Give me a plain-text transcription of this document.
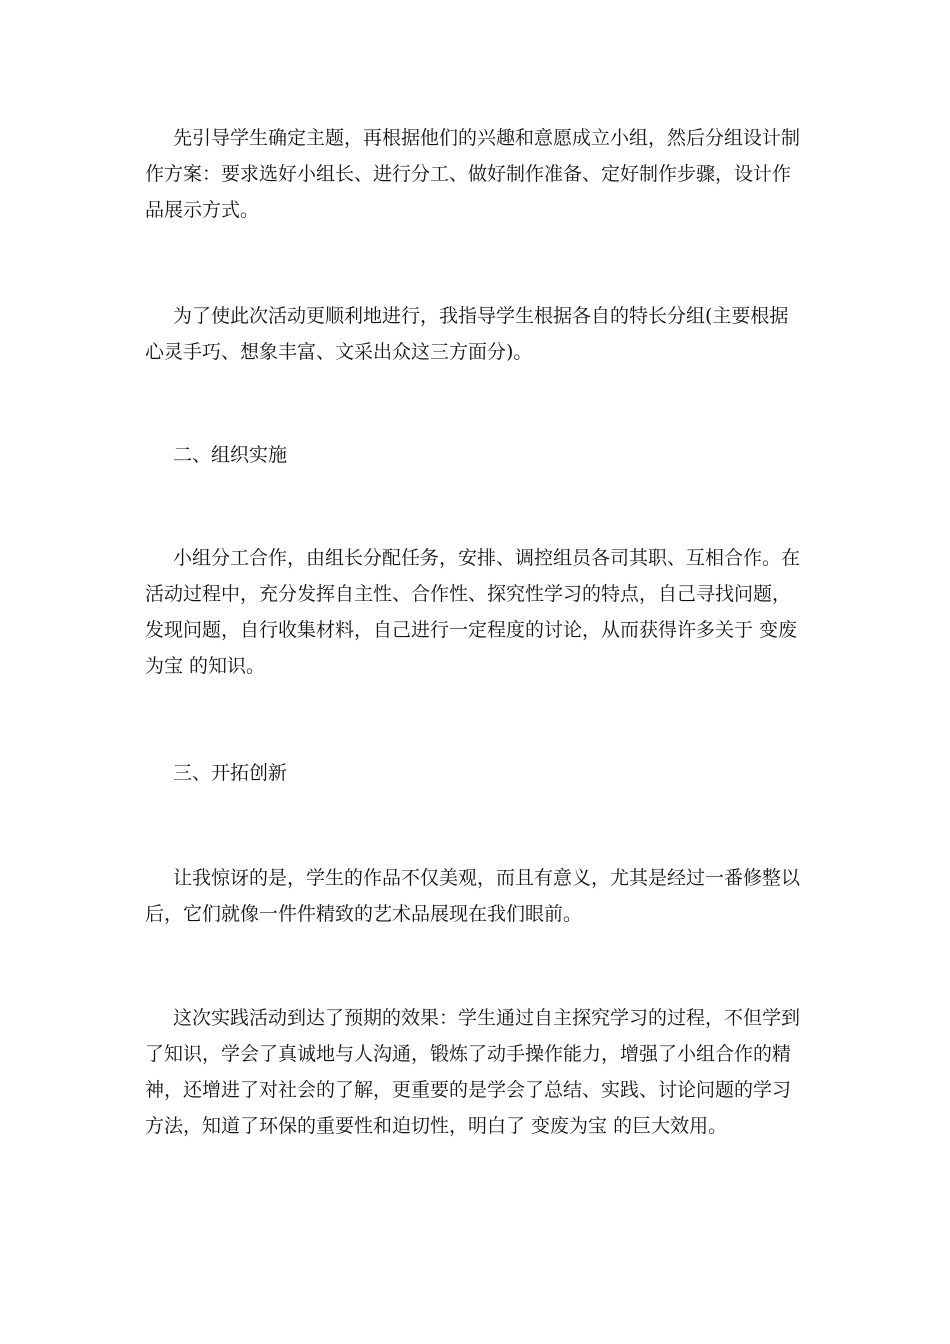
先引导学生确定主题，再根据他们的兴趣和意愿成立小组，然后分组设计制
作方案：要求选好小组长、进行分工、做好制作准备、定好制作步骤，设计作
品展示方式。
为了使此次活动更顺利地进行，我指导学生根据各自的特长分组(主要根据
心灵手巧、想象丰富、文采出众这三方面分)。
二、组织实施
小组分工合作，由组长分配任务，安排、调控组员各司其职、互相合作。在
活动过程中，充分发挥自主性、合作性、探究性学习的特点，自己寻找问题，
发现问题，自行收集材料，自己进行一定程度的讨论，从而获得许多关于 变废
为宝 的知识。
三、开拓创新
让我惊讶的是，学生的作品不仅美观，而且有意义，尤其是经过一番修整以
后，它们就像一件件精致的艺术品展现在我们眼前。
这次实践活动到达了预期的效果：学生通过自主探究学习的过程，不但学到
了知识，学会了真诚地与人沟通，锻炼了动手操作能力，增强了小组合作的精
神，还增进了对社会的了解，更重要的是学会了总结、实践、讨论问题的学习
方法，知道了环保的重要性和迫切性，明白了 变废为宝 的巨大效用。
